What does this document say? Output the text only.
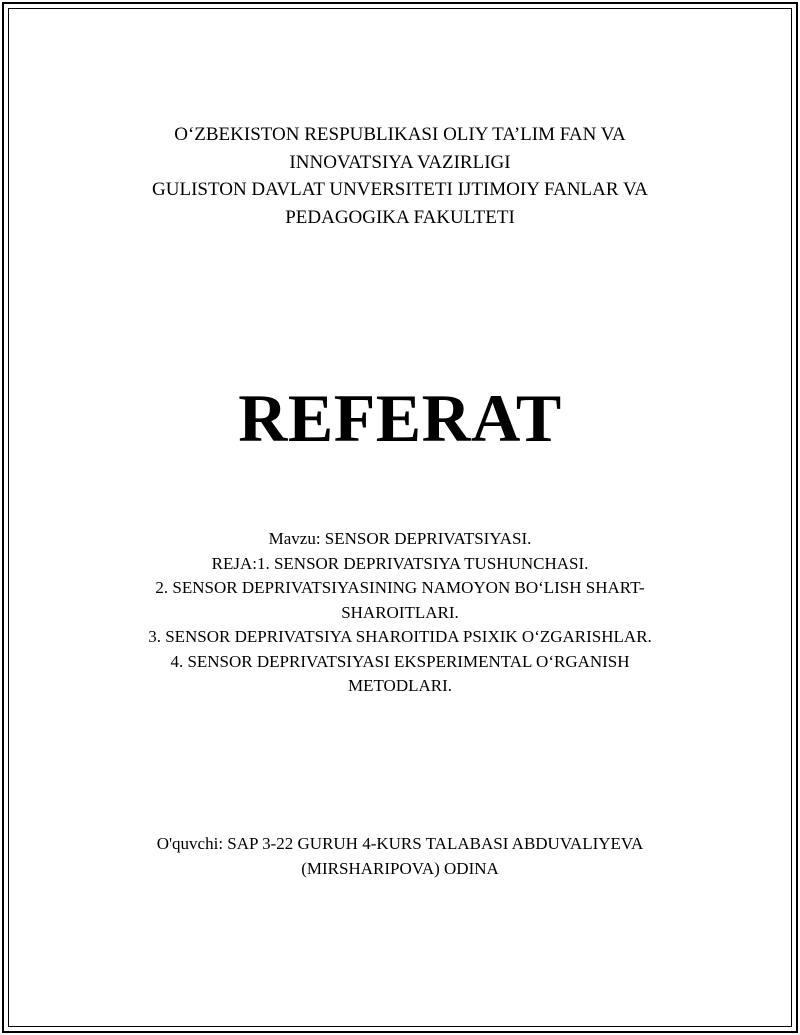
O‘ZBEKISTON RESPUBLIKASI OLIY TA’LIM FAN VA
INNOVATSIYA VAZIRLIGI
GULISTON DAVLAT UNVERSITETI IJTIMOIY FANLAR VA
PEDAGOGIKA FAKULTETI
REFERAT
Mavzu: SENSOR DEPRIVATSIYASI.
REJA:1. SENSOR DEPRIVATSIYA TUSHUNCHASI.
2. SENSOR DEPRIVATSIYASINING NAMOYON BO‘LISH SHART-
SHAROITLARI.
3. SENSOR DEPRIVATSIYA SHAROITIDA PSIXIK O‘ZGARISHLAR.
4. SENSOR DEPRIVATSIYASI EKSPERIMENTAL O‘RGANISH
METODLARI.
O'quvchi: SAP 3-22 GURUH 4-KURS TALABASI ABDUVALIYEVA
(MIRSHARIPOVA) ODINA
